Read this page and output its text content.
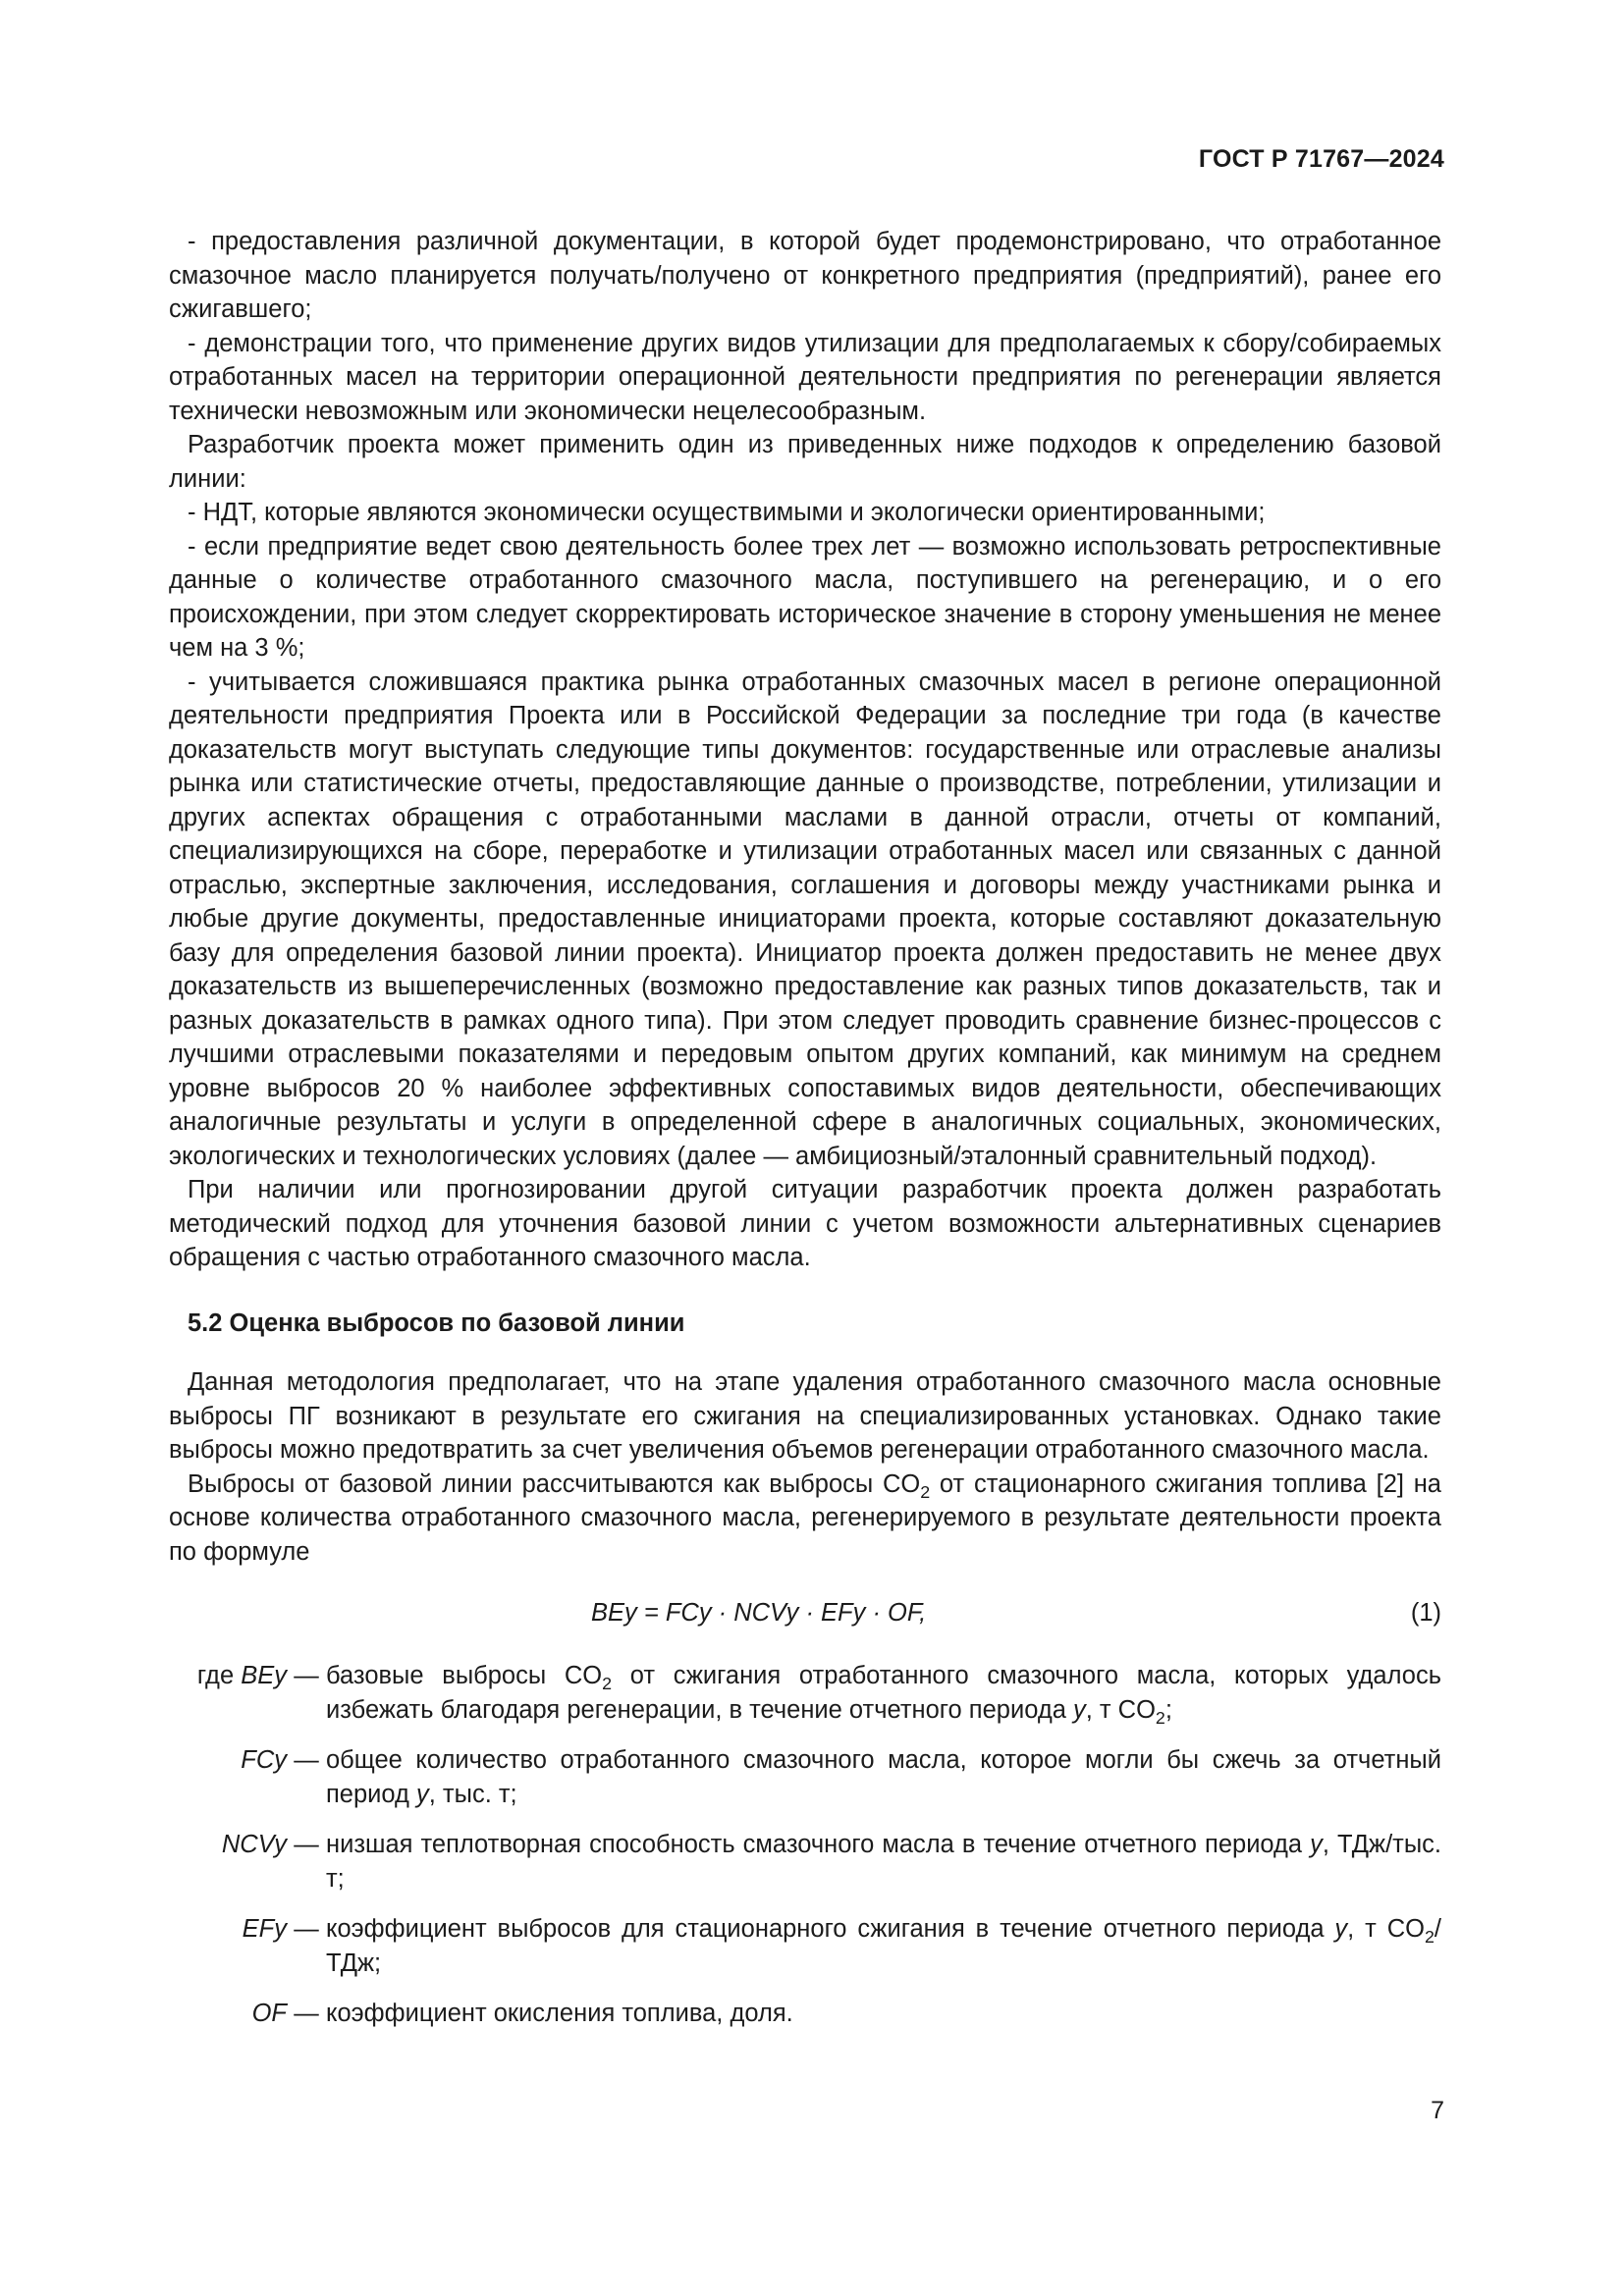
ГОСТ Р 71767—2024

- предоставления различной документации, в которой будет продемонстрировано, что отработанное смазочное масло планируется получать/получено от конкретного предприятия (предприятий), ранее его сжигавшего;

- демонстрации того, что применение других видов утилизации для предполагаемых к сбору/собираемых отработанных масел на территории операционной деятельности предприятия по регенерации является технически невозможным или экономически нецелесообразным.

Разработчик проекта может применить один из приведенных ниже подходов к определению базовой линии:

- НДТ, которые являются экономически осуществимыми и экологически ориентированными;

- если предприятие ведет свою деятельность более трех лет — возможно использовать ретроспективные данные о количестве отработанного смазочного масла, поступившего на регенерацию, и о его происхождении, при этом следует скорректировать историческое значение в сторону уменьшения не менее чем на 3 %;

- учитывается сложившаяся практика рынка отработанных смазочных масел в регионе операционной деятельности предприятия Проекта или в Российской Федерации за последние три года (в качестве доказательств могут выступать следующие типы документов: государственные или отраслевые анализы рынка или статистические отчеты, предоставляющие данные о производстве, потреблении, утилизации и других аспектах обращения с отработанными маслами в данной отрасли, отчеты от компаний, специализирующихся на сборе, переработке и утилизации отработанных масел или связанных с данной отраслью, экспертные заключения, исследования, соглашения и договоры между участниками рынка и любые другие документы, предоставленные инициаторами проекта, которые составляют доказательную базу для определения базовой линии проекта). Инициатор проекта должен предоставить не менее двух доказательств из вышеперечисленных (возможно предоставление как разных типов доказательств, так и разных доказательств в рамках одного типа). При этом следует проводить сравнение бизнес-процессов с лучшими отраслевыми показателями и передовым опытом других компаний, как минимум на среднем уровне выбросов 20 % наиболее эффективных сопоставимых видов деятельности, обеспечивающих аналогичные результаты и услуги в определенной сфере в аналогичных социальных, экономических, экологических и технологических условиях (далее — амбициозный/эталонный сравнительный подход).

При наличии или прогнозировании другой ситуации разработчик проекта должен разработать методический подход для уточнения базовой линии с учетом возможности альтернативных сценариев обращения с частью отработанного смазочного масла.

5.2 Оценка выбросов по базовой линии

Данная методология предполагает, что на этапе удаления отработанного смазочного масла основные выбросы ПГ возникают в результате его сжигания на специализированных установках. Однако такие выбросы можно предотвратить за счет увеличения объемов регенерации отработанного смазочного масла.

Выбросы от базовой линии рассчитываются как выбросы $CO_2$ от стационарного сжигания топлива [2] на основе количества отработанного смазочного масла, регенерируемого в результате деятельности проекта по формуле

BEy = FCy · NCVy · EFy · OF,	(1)
где BEy — базовые выбросы $CO_2$ от сжигания отработанного смазочного масла, которых удалось избежать благодаря регенерации, в течение отчетного периода y, т $CO_2$;
FCy — общее количество отработанного смазочного масла, которое могли бы сжечь за отчетный период y, тыс. т;
NCVy — низшая теплотворная способность смазочного масла в течение отчетного периода y, ТДж/тыс. т;
EFy — коэффициент выбросов для стационарного сжигания в течение отчетного периода y, т $CO_2$/ТДж;
OF — коэффициент окисления топлива, доля.
7
